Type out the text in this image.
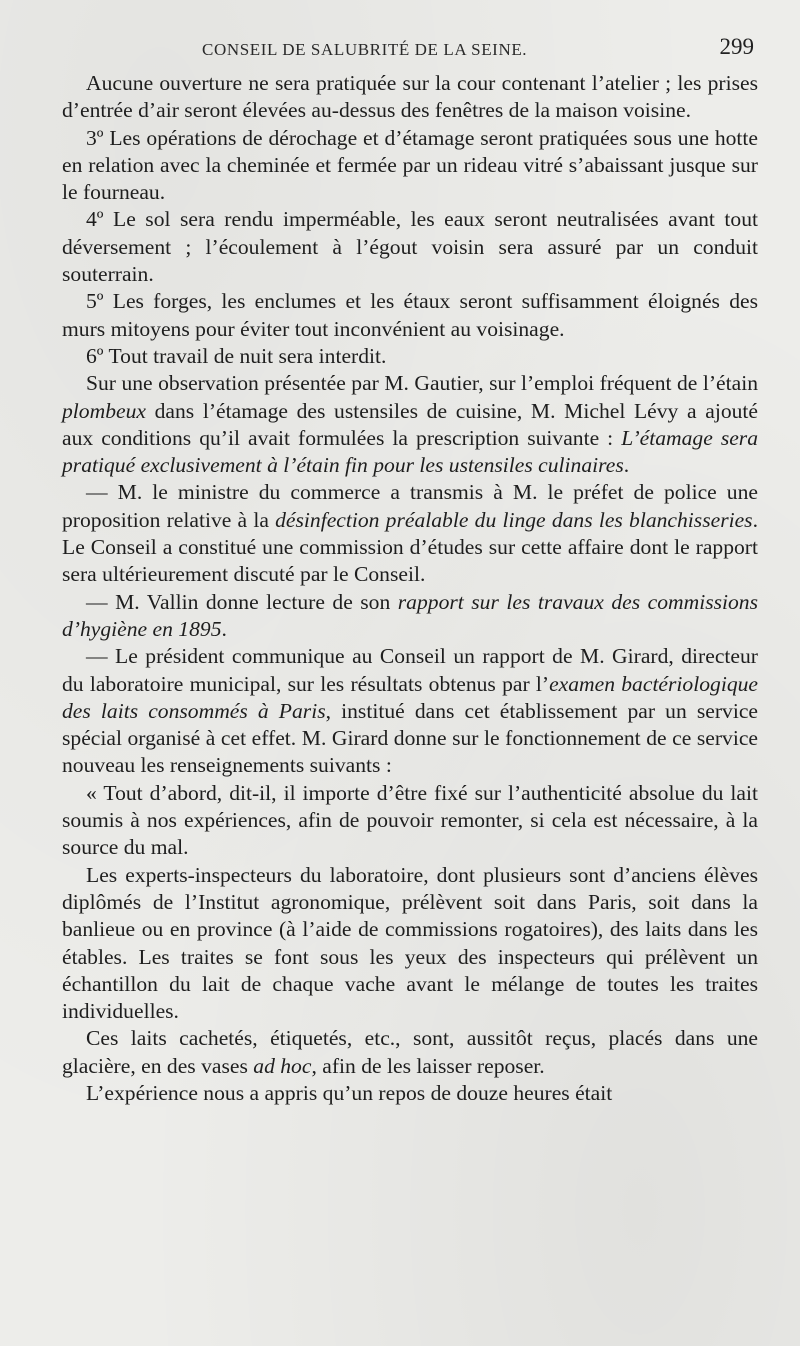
CONSEIL DE SALUBRITÉ DE LA SEINE.	299

Aucune ouverture ne sera pratiquée sur la cour contenant l’atelier ; les prises d’entrée d’air seront élevées au-dessus des fenêtres de la maison voisine.

3º Les opérations de dérochage et d’étamage seront pratiquées sous une hotte en relation avec la cheminée et fermée par un rideau vitré s’abaissant jusque sur le fourneau.

4º Le sol sera rendu imperméable, les eaux seront neutralisées avant tout déversement ; l’écoulement à l’égout voisin sera assuré par un conduit souterrain.

5º Les forges, les enclumes et les étaux seront suffisamment éloignés des murs mitoyens pour éviter tout inconvénient au voisinage.

6º Tout travail de nuit sera interdit.

Sur une observation présentée par M. Gautier, sur l’emploi fréquent de l’étain plombeux dans l’étamage des ustensiles de cuisine, M. Michel Lévy a ajouté aux conditions qu’il avait formulées la prescription suivante : L’étamage sera pratiqué exclusivement à l’étain fin pour les ustensiles culinaires.

— M. le ministre du commerce a transmis à M. le préfet de police une proposition relative à la désinfection préalable du linge dans les blanchisseries. Le Conseil a constitué une commission d’études sur cette affaire dont le rapport sera ultérieurement discuté par le Conseil.

— M. Vallin donne lecture de son rapport sur les travaux des commissions d’hygiène en 1895.

— Le président communique au Conseil un rapport de M. Girard, directeur du laboratoire municipal, sur les résultats obtenus par l’examen bactériologique des laits consommés à Paris, institué dans cet établissement par un service spécial organisé à cet effet. M. Girard donne sur le fonctionnement de ce service nouveau les renseignements suivants :

« Tout d’abord, dit-il, il importe d’être fixé sur l’authenticité absolue du lait soumis à nos expériences, afin de pouvoir remonter, si cela est nécessaire, à la source du mal.

Les experts-inspecteurs du laboratoire, dont plusieurs sont d’anciens élèves diplômés de l’Institut agronomique, prélèvent soit dans Paris, soit dans la banlieue ou en province (à l’aide de commissions rogatoires), des laits dans les étables. Les traites se font sous les yeux des inspecteurs qui prélèvent un échantillon du lait de chaque vache avant le mélange de toutes les traites individuelles.

Ces laits cachetés, étiquetés, etc., sont, aussitôt reçus, placés dans une glacière, en des vases ad hoc, afin de les laisser reposer.

L’expérience nous a appris qu’un repos de douze heures était
